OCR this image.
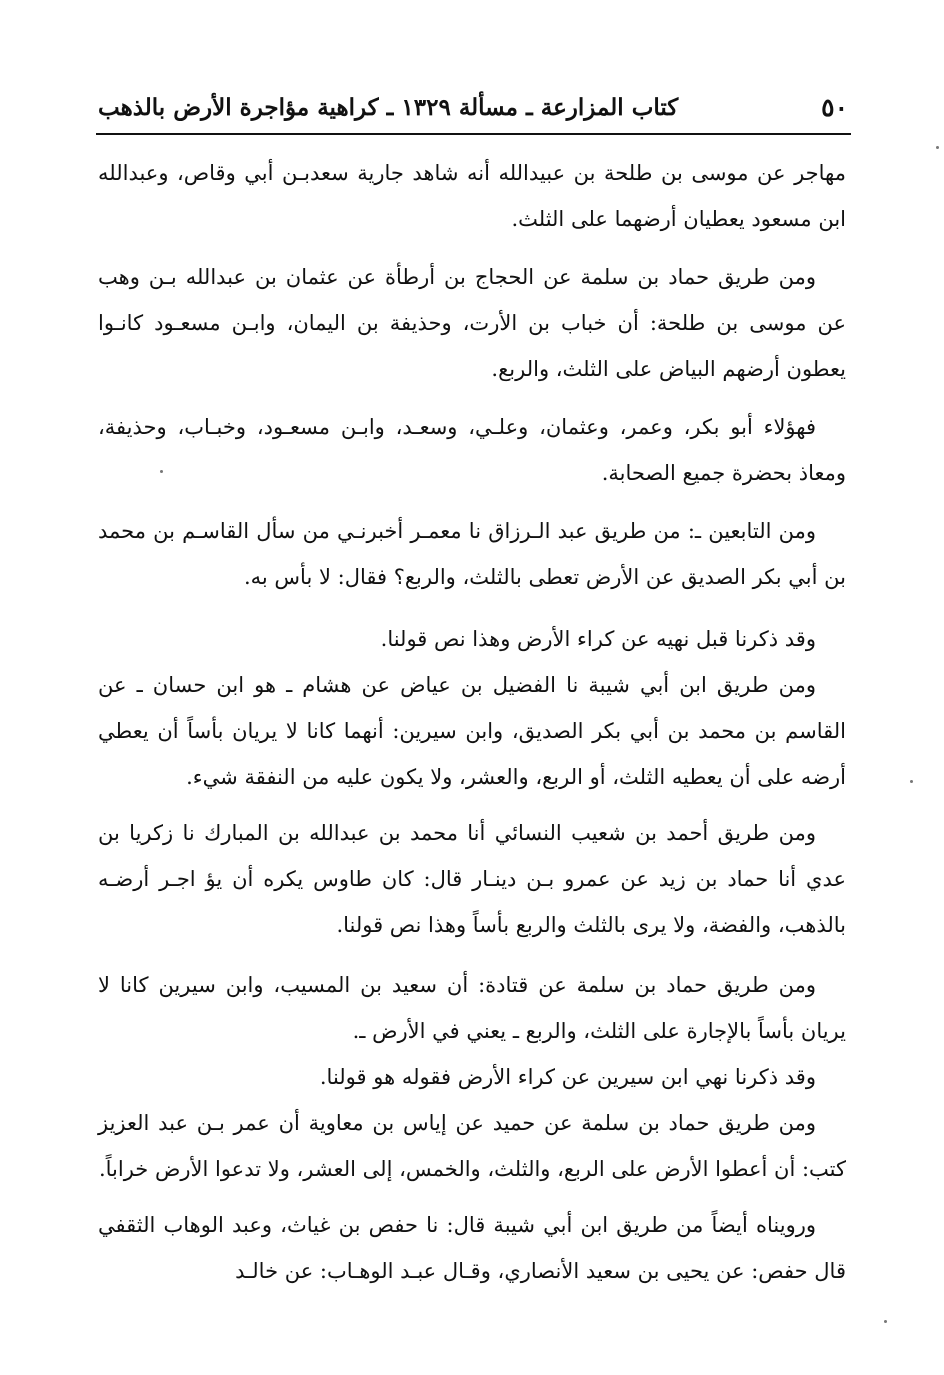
٥٠
كتاب المزارعة ـ مسألة ١٣٢٩ ـ كراهية مؤاجرة الأرض بالذهب

مهاجر عن موسى بن طلحة بن عبيدالله أنه شاهد جارية سعدبـن أبي وقاص، وعبدالله ابن مسعود يعطيان أرضهما على الثلث.

ومن طريق حماد بن سلمة عن الحجاج بن أرطأة عن عثمان بن عبدالله بـن وهب عن موسى بن طلحة: أن خباب بن الأرت، وحذيفة بن اليمان، وابـن مسعـود كانـوا يعطون أرضهم البياض على الثلث، والربع.

فهؤلاء أبو بكر، وعمر، وعثمان، وعلـي، وسعـد، وابـن مسعـود، وخبـاب، وحذيفة، ومعاذ بحضرة جميع الصحابة.

ومن التابعين ـ: من طريق عبد الـرزاق نا معمـر أخبرنـي من سأل القاسـم بن محمد بن أبي بكر الصديق عن الأرض تعطى بالثلث، والربع؟ فقال: لا بأس به.

وقد ذكرنا قبل نهيه عن كراء الأرض وهذا نص قولنا.

ومن طريق ابن أبي شيبة نا الفضيل بن عياض عن هشام ـ هو ابن حسان ـ عن القاسم بن محمد بن أبي بكر الصديق، وابن سيرين: أنهما كانا لا يريان بأساً أن يعطي أرضه على أن يعطيه الثلث، أو الربع، والعشر، ولا يكون عليه من النفقة شيء.

ومن طريق أحمد بن شعيب النسائي أنا محمد بن عبدالله بن المبارك نا زكريا بن عدي أنا حماد بن زيد عن عمرو بـن دينـار قال: كان طاوس يكره أن يؤ اجـر أرضـه بالذهب، والفضة، ولا يرى بالثلث والربع بأساً وهذا نص قولنا.

ومن طريق حماد بن سلمة عن قتادة: أن سعيد بن المسيب، وابن سيرين كانا لا يريان بأساً بالإجارة على الثلث، والربع ـ يعني في الأرض ـ.

وقد ذكرنا نهي ابن سيرين عن كراء الأرض فقوله هو قولنا.

ومن طريق حماد بن سلمة عن حميد عن إياس بن معاوية أن عمر بـن عبد العزيز كتب: أن أعطوا الأرض على الربع، والثلث، والخمس، إلى العشر، ولا تدعوا الأرض خراباً.

ورويناه أيضاً من طريق ابن أبي شيبة قال: نا حفص بن غياث، وعبد الوهاب الثقفي قال حفص: عن يحيى بن سعيد الأنصاري، وقـال عبـد الوهـاب: عن خالـد
